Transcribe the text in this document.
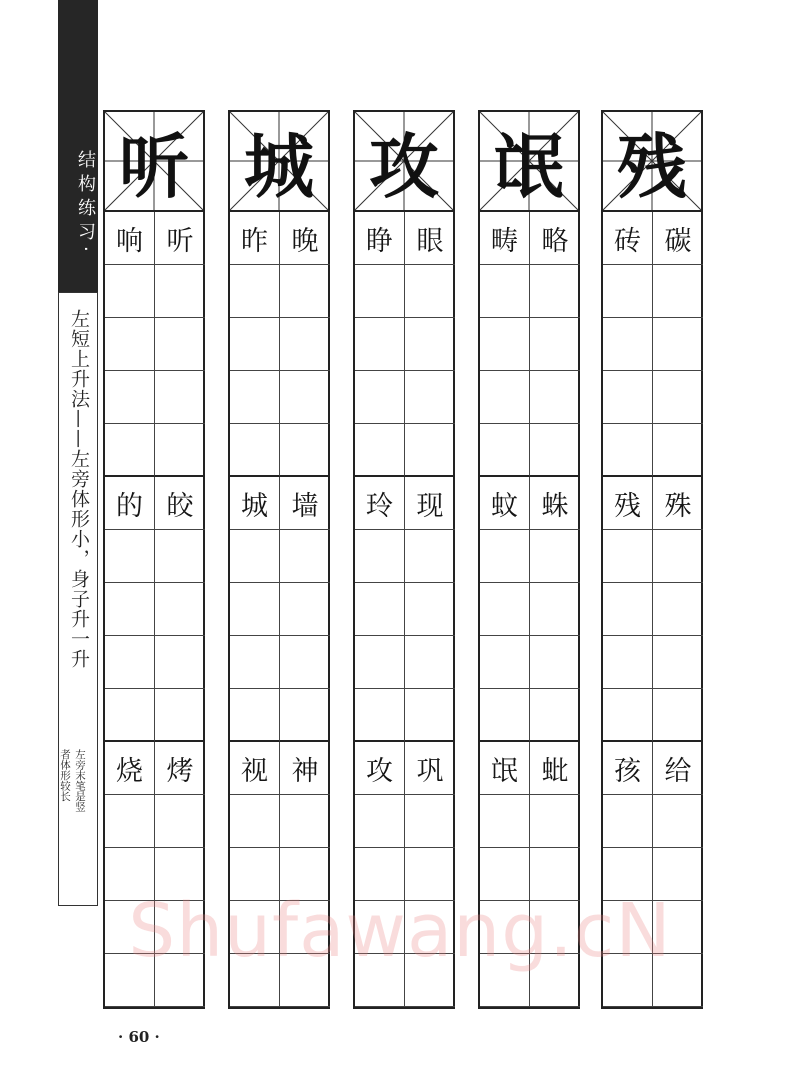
结构练习·
左短上升法——左旁体形小，身子升一升
左旁末笔是竖
者体形较长
听
响 听
的 皎
烧 烤
城
昨 晚
城 墙
视 神
攻
睁 眼
玲 现
攻 巩
氓
畴 略
蚊 蛛
氓 蚍
残
砖 碳
残 殊
孩 给
Shufawang.cN
· 60 ·
